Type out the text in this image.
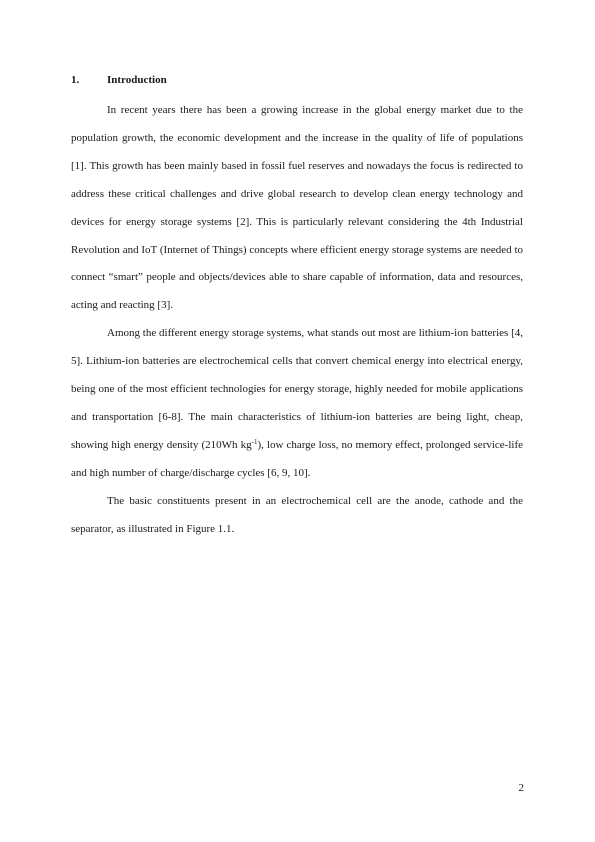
1.	Introduction

In recent years there has been a growing increase in the global energy market due to the population growth, the economic development and the increase in the quality of life of populations [1]. This growth has been mainly based in fossil fuel reserves and nowadays the focus is redirected to address these critical challenges and drive global research to develop clean energy technology and devices for energy storage systems [2]. This is particularly relevant considering the 4th Industrial Revolution and IoT (Internet of Things) concepts where efficient energy storage systems are needed to connect “smart” people and objects/devices able to share capable of information, data and resources, acting and reacting [3].

Among the different energy storage systems, what stands out most are lithium-ion batteries [4, 5]. Lithium-ion batteries are electrochemical cells that convert chemical energy into electrical energy, being one of the most efficient technologies for energy storage, highly needed for mobile applications and transportation [6-8]. The main characteristics of lithium-ion batteries are being light, cheap, showing high energy density (210Wh $kg^{-1}$), low charge loss, no memory effect, prolonged service-life and high number of charge/discharge cycles [6, 9, 10].

The basic constituents present in an electrochemical cell are the anode, cathode and the separator, as illustrated in Figure 1.1.

2
